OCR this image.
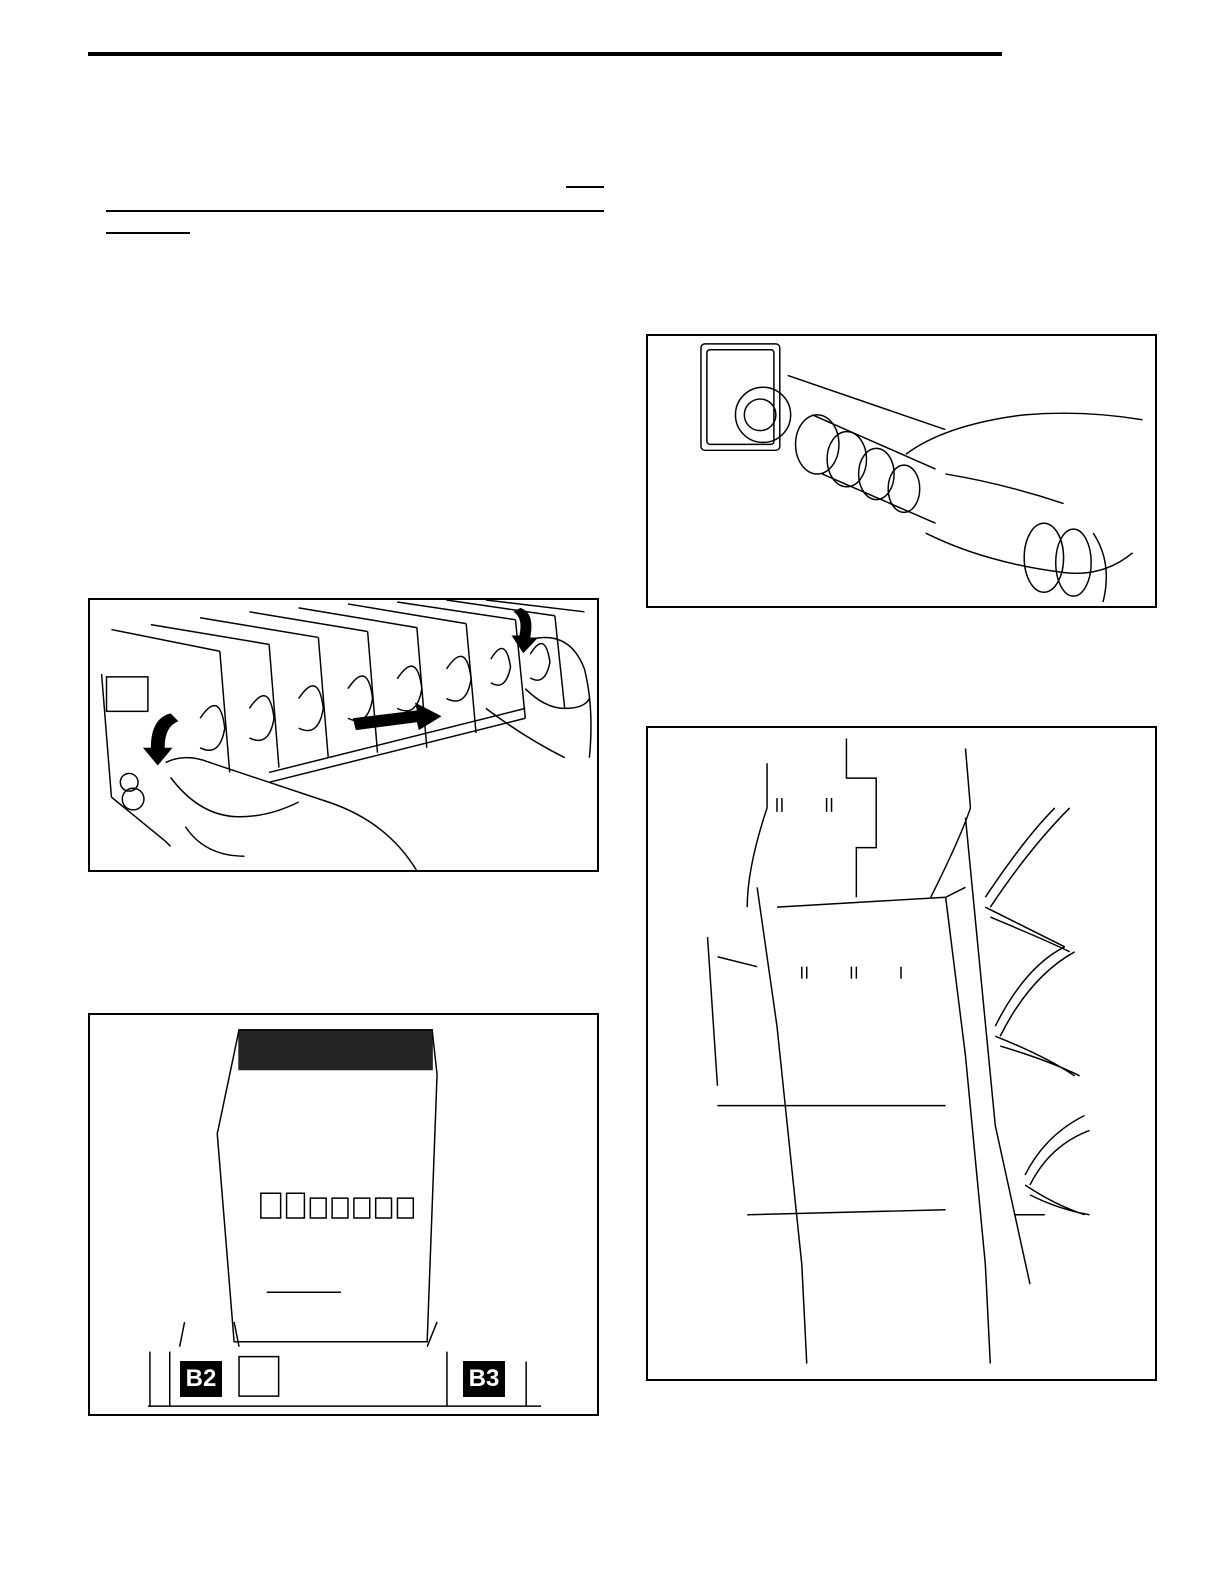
B2	B3
